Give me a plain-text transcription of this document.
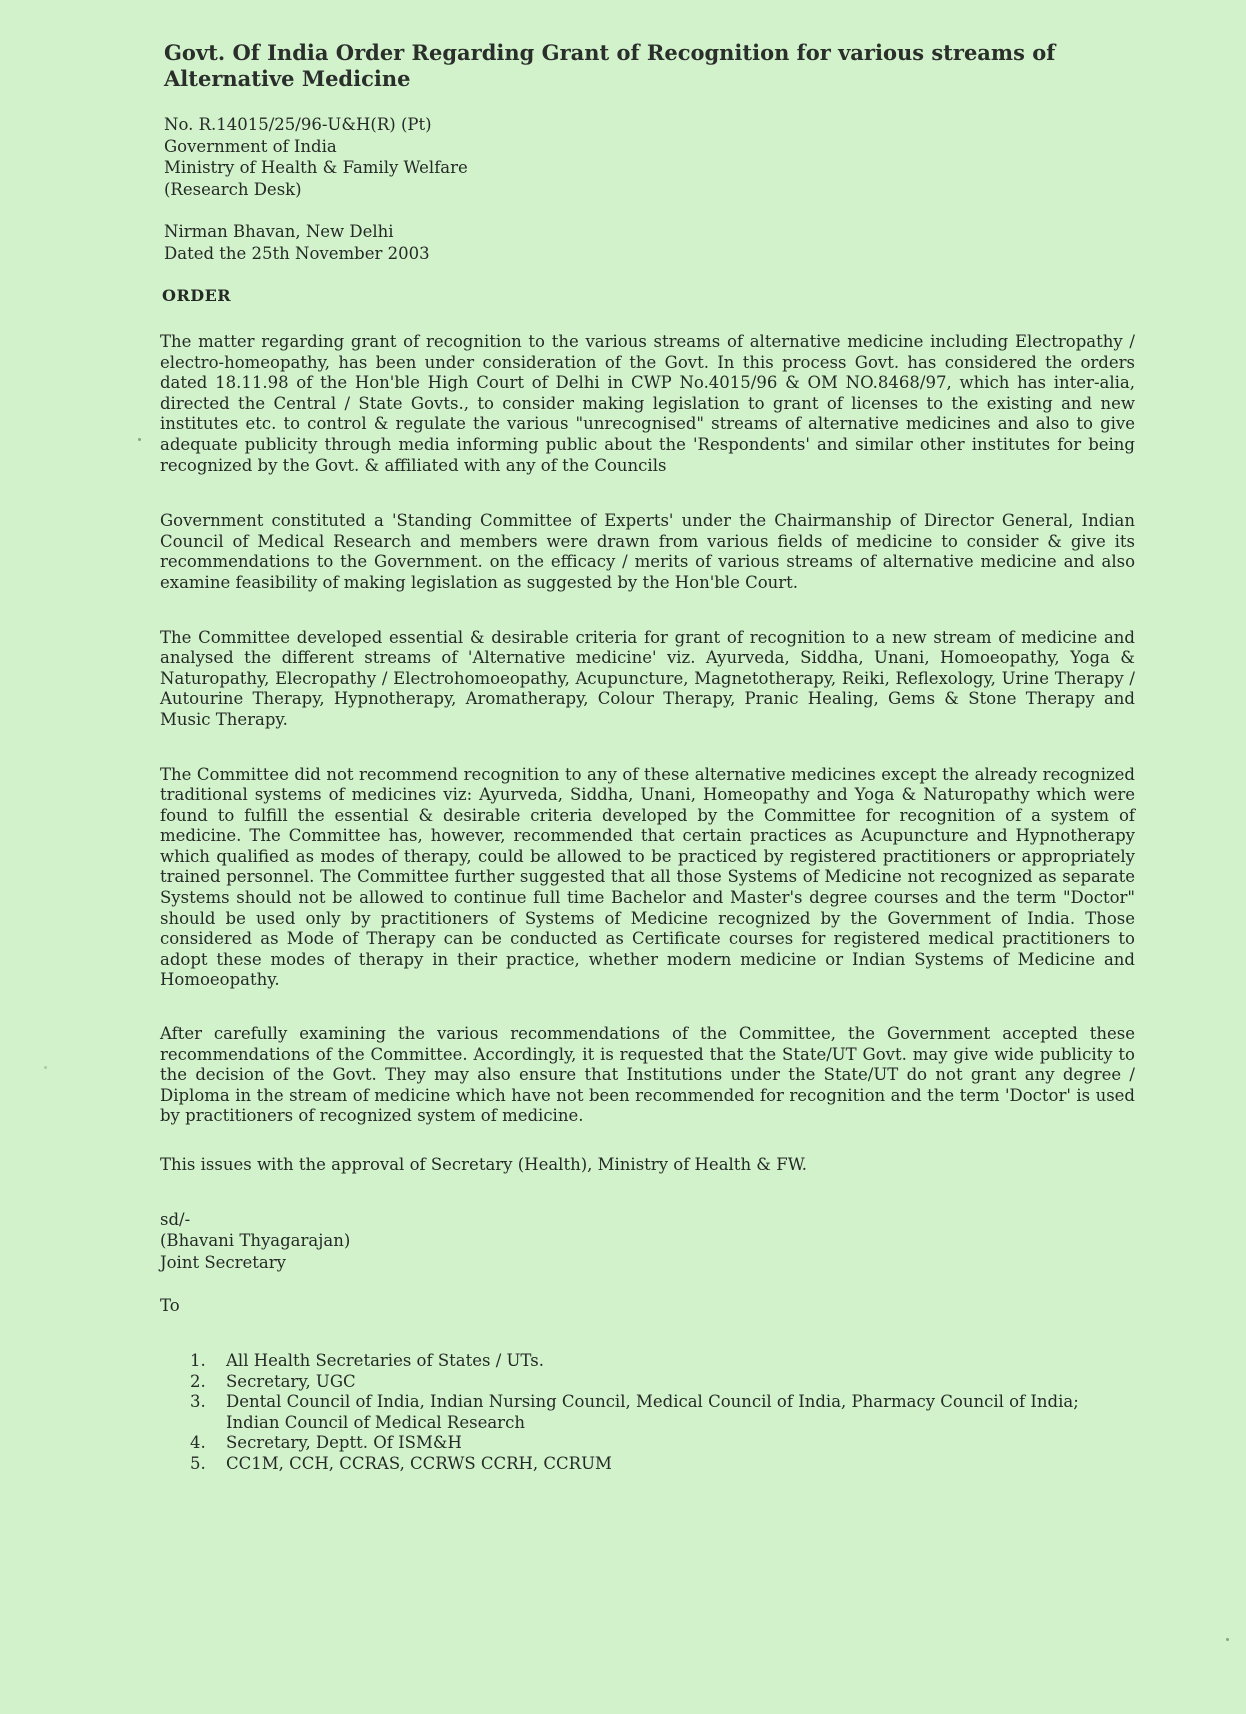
Govt. Of India Order Regarding Grant of Recognition for various streams of Alternative Medicine
No. R.14015/25/96-U&H(R) (Pt)
Government of India
Ministry of Health & Family Welfare
(Research Desk)
Nirman Bhavan, New Delhi
Dated the 25th November 2003
ORDER

The matter regarding grant of recognition to the various streams of alternative medicine including Electropathy / electro-homeopathy, has been under consideration of the Govt. In this process Govt. has considered the orders dated 18.11.98 of the Hon'ble High Court of Delhi in CWP No.4015/96 & OM NO.8468/97, which has inter-alia, directed the Central / State Govts., to consider making legislation to grant of licenses to the existing and new institutes etc. to control & regulate the various "unrecognised" streams of alternative medicines and also to give adequate publicity through media informing public about the 'Respondents' and similar other institutes for being recognized by the Govt. & affiliated with any of the Councils

Government constituted a 'Standing Committee of Experts' under the Chairmanship of Director General, Indian Council of Medical Research and members were drawn from various fields of medicine to consider & give its recommendations to the Government. on the efficacy / merits of various streams of alternative medicine and also examine feasibility of making legislation as suggested by the Hon'ble Court.

The Committee developed essential & desirable criteria for grant of recognition to a new stream of medicine and analysed the different streams of 'Alternative medicine' viz. Ayurveda, Siddha, Unani, Homoeopathy, Yoga & Naturopathy, Elecropathy / Electrohomoeopathy, Acupuncture, Magnetotherapy, Reiki, Reflexology, Urine Therapy / Autourine Therapy, Hypnotherapy, Aromatherapy, Colour Therapy, Pranic Healing, Gems & Stone Therapy and Music Therapy.

The Committee did not recommend recognition to any of these alternative medicines except the already recognized traditional systems of medicines viz: Ayurveda, Siddha, Unani, Homeopathy and Yoga & Naturopathy which were found to fulfill the essential & desirable criteria developed by the Committee for recognition of a system of medicine. The Committee has, however, recommended that certain practices as Acupuncture and Hypnotherapy which qualified as modes of therapy, could be allowed to be practiced by registered practitioners or appropriately trained personnel. The Committee further suggested that all those Systems of Medicine not recognized as separate Systems should not be allowed to continue full time Bachelor and Master's degree courses and the term "Doctor" should be used only by practitioners of Systems of Medicine recognized by the Government of India. Those considered as Mode of Therapy can be conducted as Certificate courses for registered medical practitioners to adopt these modes of therapy in their practice, whether modern medicine or Indian Systems of Medicine and Homoeopathy.

After carefully examining the various recommendations of the Committee, the Government accepted these recommendations of the Committee. Accordingly, it is requested that the State/UT Govt. may give wide publicity to the decision of the Govt. They may also ensure that Institutions under the State/UT do not grant any degree / Diploma in the stream of medicine which have not been recommended for recognition and the term 'Doctor' is used by practitioners of recognized system of medicine.

This issues with the approval of Secretary (Health), Ministry of Health & FW.

sd/-
(Bhavani Thyagarajan)
Joint Secretary
To
1.	All Health Secretaries of States / UTs.
2.	Secretary, UGC
3.	Dental Council of India, Indian Nursing Council, Medical Council of India, Pharmacy Council of India; Indian Council of Medical Research
4.	Secretary, Deptt. Of ISM&H
5.	CC1M, CCH, CCRAS, CCRWS CCRH, CCRUM
